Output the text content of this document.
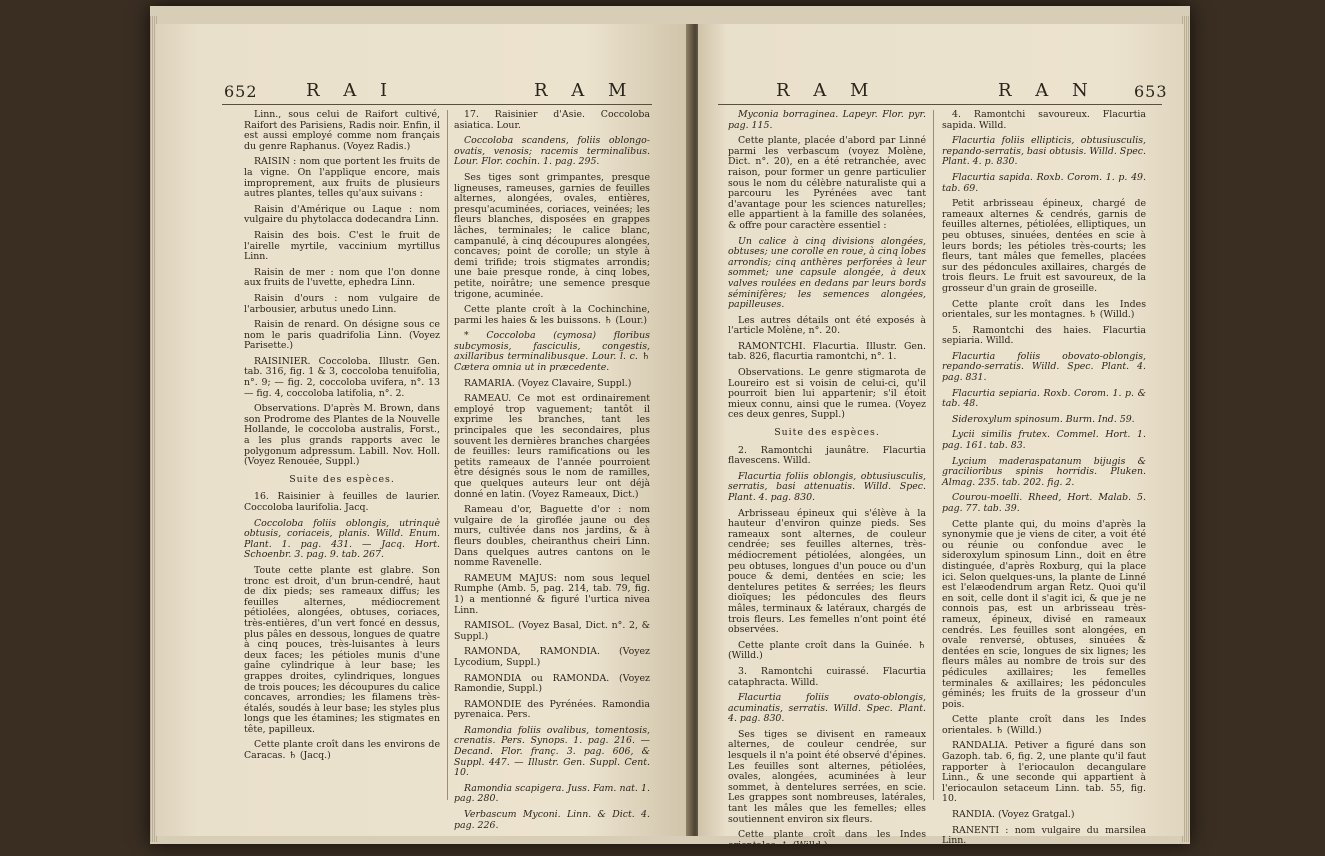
652	R A I	R A M

Linn., sous celui de Raifort cultivé, Raifort des Parisiens, Radis noir. Enfin, il est aussi employé comme nom français du genre Raphanus. (Voyez Radis.)

RAISIN : nom que portent les fruits de la vigne. On l'applique encore, mais improprement, aux fruits de plusieurs autres plantes, telles qu'aux suivans :

Raisin d'Amérique ou Laque : nom vulgaire du phytolacca dodecandra Linn.

Raisin des bois. C'est le fruit de l'airelle myrtile, vaccinium myrtillus Linn.

Raisin de mer : nom que l'on donne aux fruits de l'uvette, ephedra Linn.

Raisin d'ours : nom vulgaire de l'arbousier, arbutus unedo Linn.

Raisin de renard. On désigne sous ce nom le paris quadrifolia Linn. (Voyez Parisette.)

RAISINIER. Coccoloba. Illustr. Gen. tab. 316, fig. 1 & 3, coccoloba tenuifolia, n°. 9; — fig. 2, coccoloba uvifera, n°. 13 — fig. 4, coccoloba latifolia, n°. 2.

Observations. D'après M. Brown, dans son Prodrome des Plantes de la Nouvelle Hollande, le coccoloba australis, Forst., a les plus grands rapports avec le polygonum adpressum. Labill. Nov. Holl. (Voyez Renouée, Suppl.)

Suite des espèces.

16. Raisinier à feuilles de laurier. Coccoloba laurifolia. Jacq.

Coccoloba foliis oblongis, utrinquè obtusis, coriaceis, planis. Willd. Enum. Plant. 1. pag. 431. — Jacq. Hort. Schoenbr. 3. pag. 9. tab. 267.

Toute cette plante est glabre. Son tronc est droit, d'un brun-cendré, haut de dix pieds; ses rameaux diffus; les feuilles alternes, médiocrement pétiolées, alongées, obtuses, coriaces, très-entières, d'un vert foncé en dessus, plus pâles en dessous, longues de quatre à cinq pouces, très-luisantes à leurs deux faces; les pétioles munis d'une gaîne cylindrique à leur base; les grappes droites, cylindriques, longues de trois pouces; les découpures du calice concaves, arrondies; les filamens très-étalés, soudés à leur base; les styles plus longs que les étamines; les stigmates en tête, papilleux.

Cette plante croît dans les environs de Caracas. ♄ (Jacq.)

17. Raisinier d'Asie. Coccoloba asiatica. Lour.

Coccoloba scandens, foliis oblongo-ovatis, venosis; racemis terminalibus. Lour. Flor. cochin. 1. pag. 295.

Ses tiges sont grimpantes, presque ligneuses, rameuses, garnies de feuilles alternes, alongées, ovales, entières, presqu'acuminées, coriaces, veinées; les fleurs blanches, disposées en grappes lâches, terminales; le calice blanc, campanulé, à cinq découpures alongées, concaves; point de corolle; un style à demi trifide; trois stigmates arrondis; une baie presque ronde, à cinq lobes, petite, noirâtre; une semence presque trigone, acuminée.

Cette plante croît à la Cochinchine, parmi les haies & les buissons. ♄ (Lour.)

* Coccoloba (cymosa) floribus subcymosis, fasciculis, congestis, axillaribus terminalibusque. Lour. l. c. ♄ Cætera omnia ut in præcedente.

RAMARIA. (Voyez Clavaire, Suppl.)

RAMEAU. Ce mot est ordinairement employé trop vaguement; tantôt il exprime les branches, tant les principales que les secondaires, plus souvent les dernières branches chargées de feuilles: leurs ramifications ou les petits rameaux de l'année pourroient être désignés sous le nom de ramilles, que quelques auteurs leur ont déjà donné en latin. (Voyez Rameaux, Dict.)

Rameau d'or, Baguette d'or : nom vulgaire de la giroflée jaune ou des murs, cultivée dans nos jardins, & à fleurs doubles, cheiranthus cheiri Linn. Dans quelques autres cantons on le nomme Ravenelle.

RAMEUM MAJUS: nom sous lequel Rumphe (Amb. 5, pag. 214, tab. 79, fig. 1) a mentionné & figuré l'urtica nivea Linn.

RAMISOL. (Voyez Basal, Dict. n°. 2, & Suppl.)

RAMONDA, RAMONDIA. (Voyez Lycodium, Suppl.)

RAMONDIA ou RAMONDA. (Voyez Ramondie, Suppl.)

RAMONDIE des Pyrénées. Ramondia pyrenaica. Pers.

Ramondia foliis ovalibus, tomentosis, crenatis. Pers. Synops. 1. pag. 216. — Decand. Flor. franç. 3. pag. 606, & Suppl. 447. — Illustr. Gen. Suppl. Cent. 10.

Ramondia scapigera. Juss. Fam. nat. 1. pag. 280.

Verbascum Myconi. Linn. & Dict. 4. pag. 226.

R A M	R A N 653

Myconia borraginea. Lapeyr. Flor. pyr. pag. 115.

Cette plante, placée d'abord par Linné parmi les verbascum (voyez Molène, Dict. n°. 20), en a été retranchée, avec raison, pour former un genre particulier sous le nom du célèbre naturaliste qui a parcouru les Pyrénées avec tant d'avantage pour les sciences naturelles; elle appartient à la famille des solanées, & offre pour caractère essentiel :

Un calice à cinq divisions alongées, obtuses; une corolle en roue, à cinq lobes arrondis; cinq anthères perforées à leur sommet; une capsule alongée, à deux valves roulées en dedans par leurs bords séminifères; les semences alongées, papilleuses.

Les autres détails ont été exposés à l'article Molène, n°. 20.

RAMONTCHI. Flacurtia. Illustr. Gen. tab. 826, flacurtia ramontchi, n°. 1.

Observations. Le genre stigmarota de Loureiro est si voisin de celui-ci, qu'il pourroit bien lui appartenir; s'il étoit mieux connu, ainsi que le rumea. (Voyez ces deux genres, Suppl.)

Suite des espèces.

2. Ramontchi jaunâtre. Flacurtia flavescens. Willd.

Flacurtia foliis oblongis, obtusiusculis, serratis, basi attenuatis. Willd. Spec. Plant. 4. pag. 830.

Arbrisseau épineux qui s'élève à la hauteur d'environ quinze pieds. Ses rameaux sont alternes, de couleur cendrée; ses feuilles alternes, très-médiocrement pétiolées, alongées, un peu obtuses, longues d'un pouce ou d'un pouce & demi, dentées en scie; les dentelures petites & serrées; les fleurs dioïques; les pédoncules des fleurs mâles, terminaux & latéraux, chargés de trois fleurs. Les femelles n'ont point été observées.

Cette plante croît dans la Guinée. ♄ (Willd.)

3. Ramontchi cuirassé. Flacurtia cataphracta. Willd.

Flacurtia foliis ovato-oblongis, acuminatis, serratis. Willd. Spec. Plant. 4. pag. 830.

Ses tiges se divisent en rameaux alternes, de couleur cendrée, sur lesquels il n'a point été observé d'épines. Les feuilles sont alternes, pétiolées, ovales, alongées, acuminées à leur sommet, à dentelures serrées, en scie. Les grappes sont nombreuses, latérales, tant les mâles que les femelles; elles soutiennent environ six fleurs.

Cette plante croît dans les Indes orientales. ♄ (Willd.)

4. Ramontchi savoureux. Flacurtia sapida. Willd.

Flacurtia foliis ellipticis, obtusiusculis, repando-serratis, basi obtusis. Willd. Spec. Plant. 4. p. 830.

Flacurtia sapida. Roxb. Corom. 1. p. 49. tab. 69.

Petit arbrisseau épineux, chargé de rameaux alternes & cendrés, garnis de feuilles alternes, pétiolées, elliptiques, un peu obtuses, sinuées, dentées en scie à leurs bords; les pétioles très-courts; les fleurs, tant mâles que femelles, placées sur des pédoncules axillaires, chargés de trois fleurs. Le fruit est savoureux, de la grosseur d'un grain de groseille.

Cette plante croît dans les Indes orientales, sur les montagnes. ♄ (Willd.)

5. Ramontchi des haies. Flacurtia sepiaria. Willd.

Flacurtia foliis obovato-oblongis, repando-serratis. Willd. Spec. Plant. 4. pag. 831.

Flacurtia sepiaria. Roxb. Corom. 1. p. & tab. 48.

Sideroxylum spinosum. Burm. Ind. 59.

Lycii similis frutex. Commel. Hort. 1. pag. 161. tab. 83.

Lycium maderaspatanum bijugis & gracilioribus spinis horridis. Pluken. Almag. 235. tab. 202. fig. 2.

Courou-moelli. Rheed, Hort. Malab. 5. pag. 77. tab. 39.

Cette plante qui, du moins d'après la synonymie que je viens de citer, a voit été ou réunie ou confondue avec le sideroxylum spinosum Linn., doit en être distinguée, d'après Roxburg, qui la place ici. Selon quelques-uns, la plante de Linné est l'elæodendrum argan Retz. Quoi qu'il en soit, celle dont il s'agit ici, & que je ne connois pas, est un arbrisseau très-rameux, épineux, divisé en rameaux cendrés. Les feuilles sont alongées, en ovale renversé, obtuses, sinuées & dentées en scie, longues de six lignes; les fleurs mâles au nombre de trois sur des pédicules axillaires; les femelles terminales & axillaires; les pédoncules géminés; les fruits de la grosseur d'un pois.

Cette plante croît dans les Indes orientales. ♄ (Willd.)

RANDALIA. Petiver a figuré dans son Gazoph. tab. 6, fig. 2, une plante qu'il faut rapporter à l'eriocaulon decangulare Linn., & une seconde qui appartient à l'eriocaulon setaceum Linn. tab. 55, fig. 10.

RANDIA. (Voyez Gratgal.)

RANENTI : nom vulgaire du marsilea Linn.
